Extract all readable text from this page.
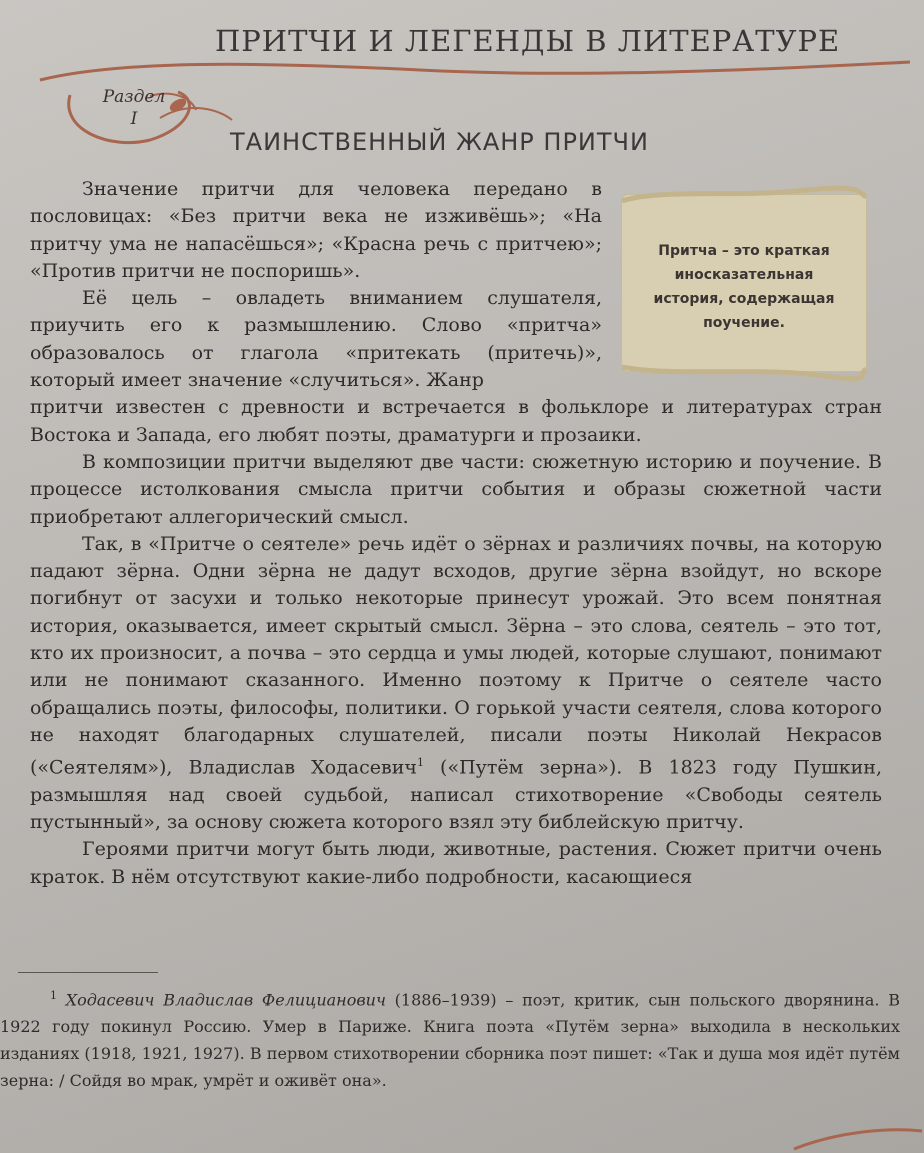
ПРИТЧИ И ЛЕГЕНДЫ В ЛИТЕРАТУРЕ
Раздел
I
ТАИНСТВЕННЫЙ ЖАНР ПРИТЧИ
Притча – это краткая
иносказательная
история, содержащая
поучение.

Значение притчи для человека передано в пословицах: «Без притчи века не изживёшь»; «На притчу ума не напасёшься»; «Красна речь с притчею»; «Против притчи не поспоришь».

Её цель – овладеть вниманием слушателя, приучить его к размышлению. Слово «притча» образовалось от глагола «притекать (притечь)», который имеет значение «случиться». Жанр

притчи известен с древности и встречается в фольклоре и литературах стран Востока и Запада, его любят поэты, драматурги и прозаики.

В композиции притчи выделяют две части: сюжетную историю и поучение. В процессе истолкования смысла притчи события и образы сюжетной части приобретают аллегорический смысл.

Так, в «Притче о сеятеле» речь идёт о зёрнах и различиях почвы, на которую падают зёрна. Одни зёрна не дадут всходов, другие зёрна взойдут, но вскоре погибнут от засухи и только некоторые принесут урожай. Это всем понятная история, оказывается, имеет скрытый смысл. Зёрна – это слова, сеятель – это тот, кто их произносит, а почва – это сердца и умы людей, которые слушают, понимают или не понимают сказанного. Именно поэтому к Притче о сеятеле часто обращались поэты, философы, политики. О горькой участи сеятеля, слова которого не находят благодарных слушателей, писали поэты Николай Некрасов («Сеятелям»), Владислав Ходасевич$^1$ («Путём зерна»). В 1823 году Пушкин, размышляя над своей судьбой, написал стихотворение «Свободы сеятель пустынный», за основу сюжета которого взял эту библейскую притчу.

Героями притчи могут быть люди, животные, растения. Сюжет притчи очень краток. В нём отсутствуют какие-либо подробности, касающиеся

$^1$ Ходасевич Владислав Фелицианович (1886–1939) – поэт, критик, сын польского дворянина. В 1922 году покинул Россию. Умер в Париже. Книга поэта «Путём зерна» выходила в нескольких изданиях (1918, 1921, 1927). В первом стихотворении сборника поэт пишет: «Так и душа моя идёт путём зерна: / Сойдя во мрак, умрёт и оживёт она».
